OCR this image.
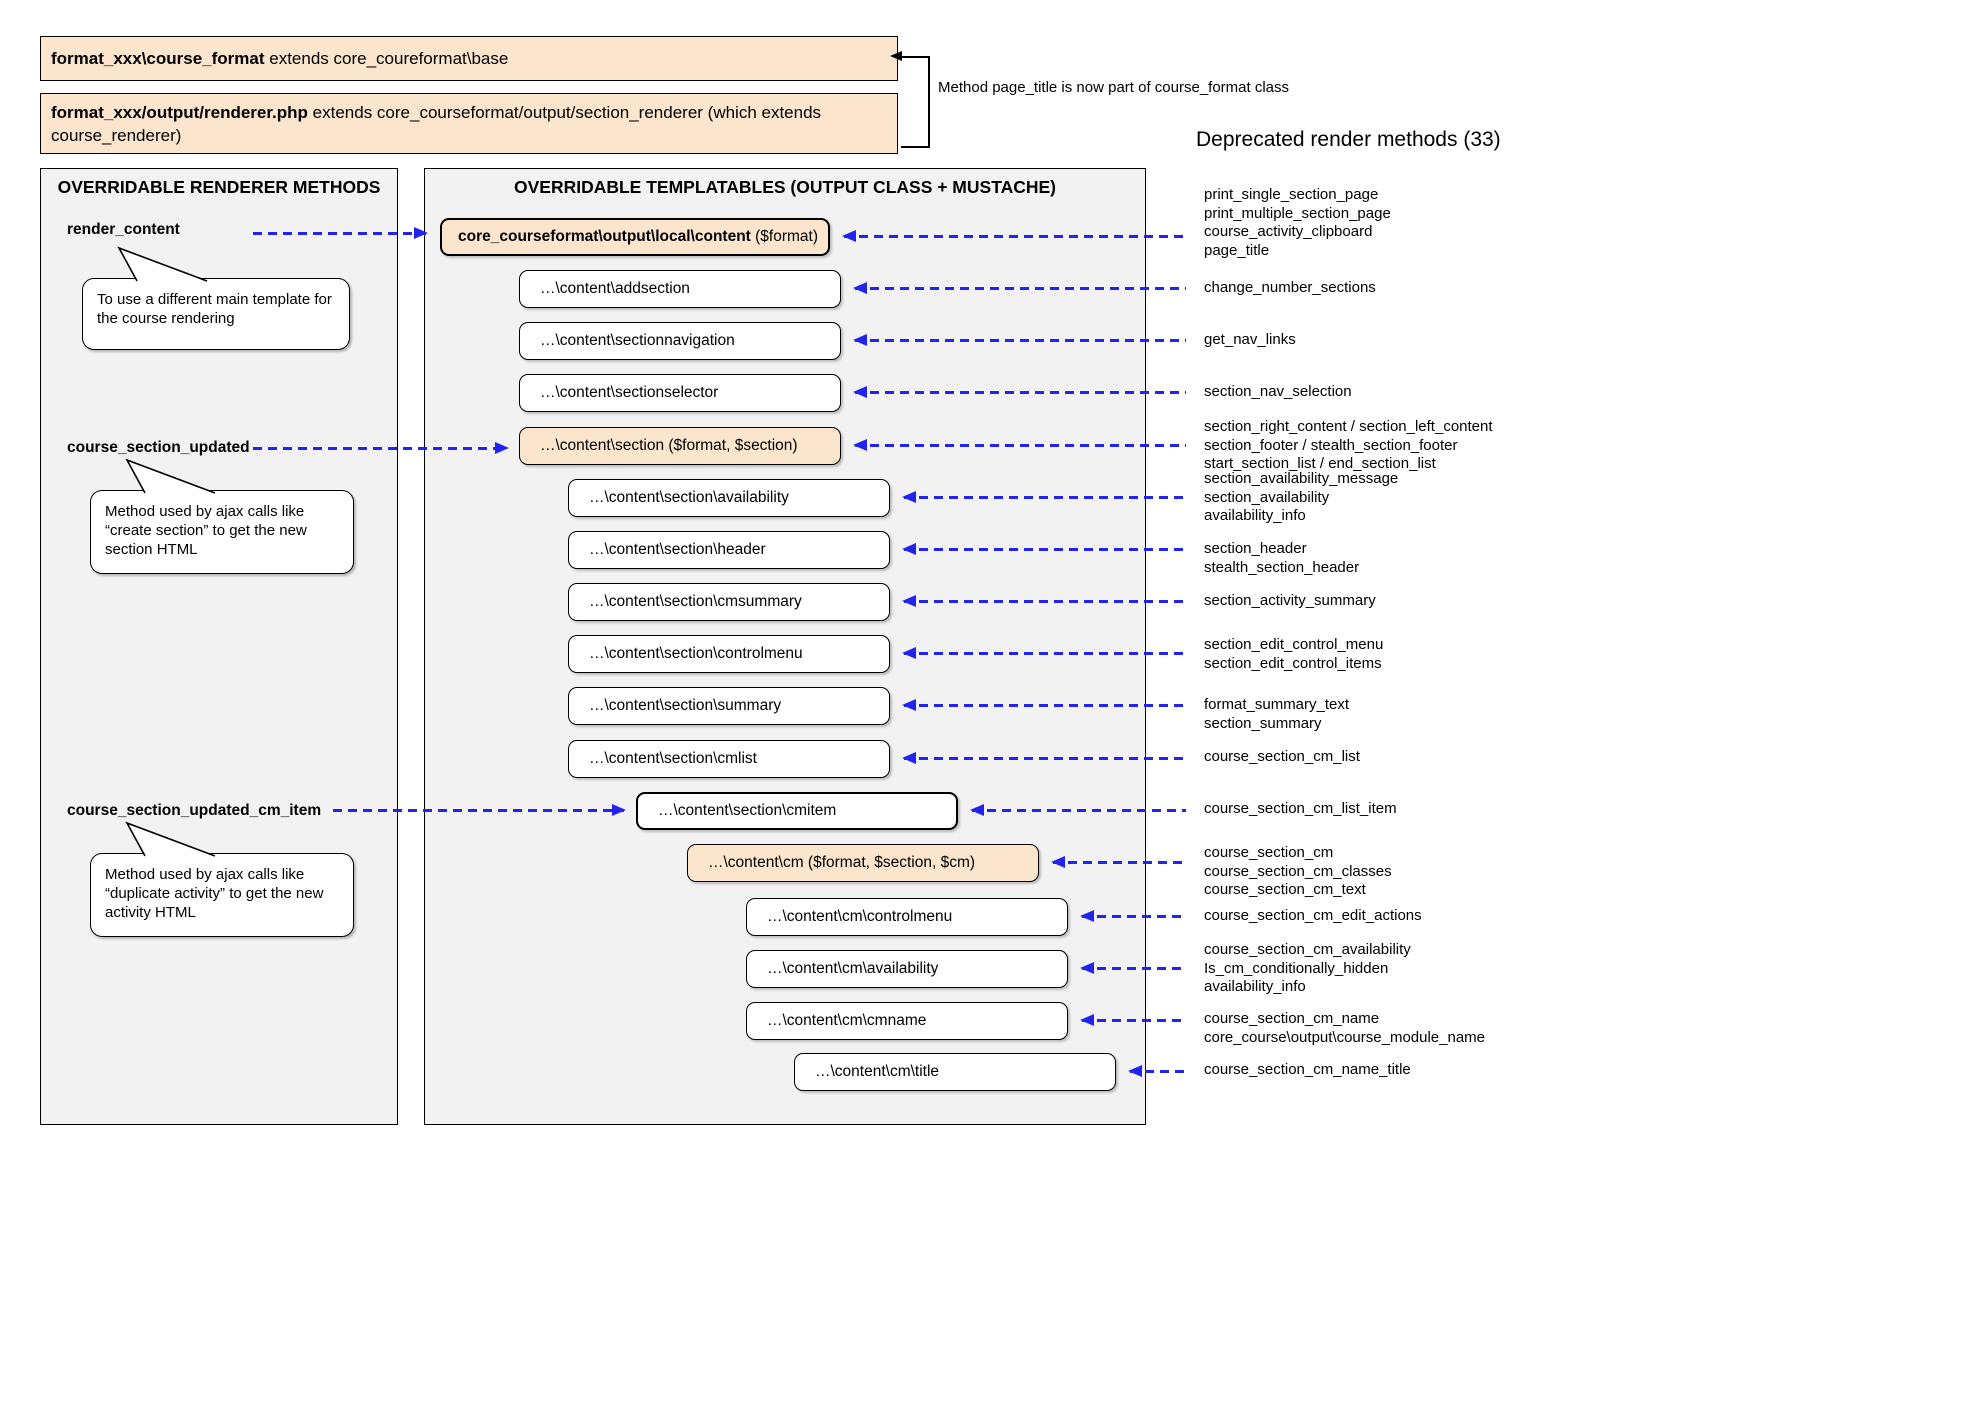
format_xxx\course_format extends core_coureformat\base
format_xxx/output/renderer.php extends core_courseformat/output/section_renderer (which extends course_renderer)
Method page_title is now part of course_format class
Deprecated render methods (33)
OVERRIDABLE RENDERER METHODS	OVERRIDABLE TEMPLATABLES (OUTPUT CLASS + MUSTACHE)
render_content
course_section_updated
course_section_updated_cm_item
To use a different main template for the course rendering
Method used by ajax calls like “create section” to get the new section HTML
Method used by ajax calls like “duplicate activity” to get the new activity HTML
core_courseformat\output\local\content ($format)
…\content\addsection
…\content\sectionnavigation
…\content\sectionselector
…\content\section ($format, $section)
…\content\section\availability
…\content\section\header
…\content\section\cmsummary
…\content\section\controlmenu
…\content\section\summary
…\content\section\cmlist
…\content\section\cmitem
…\content\cm ($format, $section, $cm)
…\content\cm\controlmenu
…\content\cm\availability
…\content\cm\cmname
…\content\cm\title
print_single_section_page
print_multiple_section_page
course_activity_clipboard
page_title
change_number_sections
get_nav_links
section_nav_selection
section_right_content / section_left_content
section_footer / stealth_section_footer
start_section_list / end_section_list
section_availability_message
section_availability
availability_info
section_header
stealth_section_header
section_activity_summary
section_edit_control_menu
section_edit_control_items
format_summary_text
section_summary
course_section_cm_list
course_section_cm_list_item
course_section_cm
course_section_cm_classes
course_section_cm_text
course_section_cm_edit_actions
course_section_cm_availability
Is_cm_conditionally_hidden
availability_info
course_section_cm_name
core_course\output\course_module_name
course_section_cm_name_title
